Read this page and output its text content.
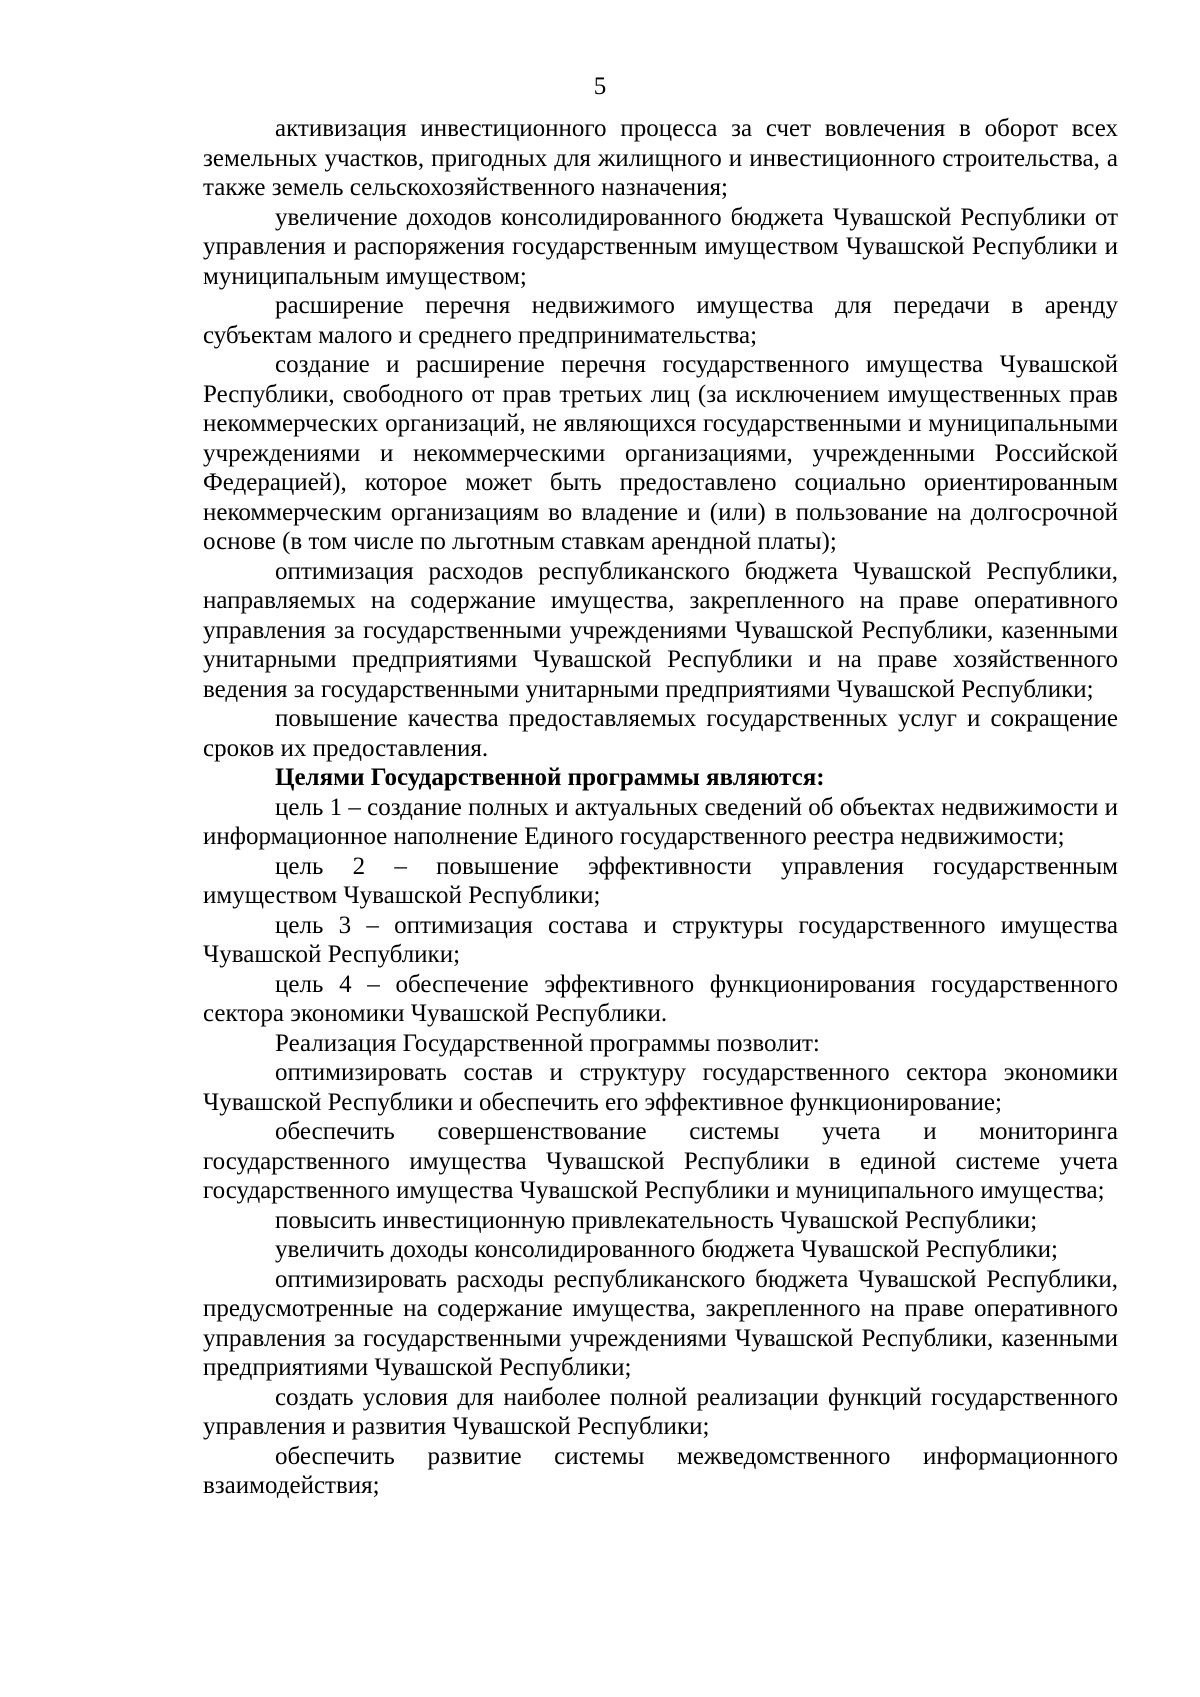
5

активизация инвестиционного процесса за счет вовлечения в оборот всех земельных участков, пригодных для жилищного и инвестиционного строительства, а также земель сельскохозяйственного назначения;

увеличение доходов консолидированного бюджета Чувашской Республики от управления и распоряжения государственным имуществом Чувашской Республики и муниципальным имуществом;

расширение перечня недвижимого имущества для передачи в аренду субъектам малого и среднего предпринимательства;

создание и расширение перечня государственного имущества Чувашской Республики, свободного от прав третьих лиц (за исключением имущественных прав некоммерческих организаций, не являющихся государственными и муниципальными учреждениями и некоммерческими организациями, учрежденными Российской Федерацией), которое может быть предоставлено социально ориентированным некоммерческим организациям во владение и (или) в пользование на долгосрочной основе (в том числе по льготным ставкам арендной платы);

оптимизация расходов республиканского бюджета Чувашской Республики, направляемых на содержание имущества, закрепленного на праве оперативного управления за государственными учреждениями Чувашской Республики, казенными унитарными предприятиями Чувашской Республики и на праве хозяйственного ведения за государственными унитарными предприятиями Чувашской Республики;

повышение качества предоставляемых государственных услуг и сокращение сроков их предоставления.

Целями Государственной программы являются:

цель 1 – создание полных и актуальных сведений об объектах недвижимости и информационное наполнение Единого государственного реестра недвижимости;

цель 2 – повышение эффективности управления государственным имуществом Чувашской Республики;

цель 3 – оптимизация состава и структуры государственного имущества Чувашской Республики;

цель 4 – обеспечение эффективного функционирования государственного сектора экономики Чувашской Республики.

Реализация Государственной программы позволит:

оптимизировать состав и структуру государственного сектора экономики Чувашской Республики и обеспечить его эффективное функционирование;

обеспечить совершенствование системы учета и мониторинга государственного имущества Чувашской Республики в единой системе учета государственного имущества Чувашской Республики и муниципального имущества;

повысить инвестиционную привлекательность Чувашской Республики;

увеличить доходы консолидированного бюджета Чувашской Республики;

оптимизировать расходы республиканского бюджета Чувашской Республики, предусмотренные на содержание имущества, закрепленного на праве оперативного управления за государственными учреждениями Чувашской Республики, казенными предприятиями Чувашской Республики;

создать условия для наиболее полной реализации функций государственного управления и развития Чувашской Республики;

обеспечить развитие системы межведомственного информационного взаимодействия;
